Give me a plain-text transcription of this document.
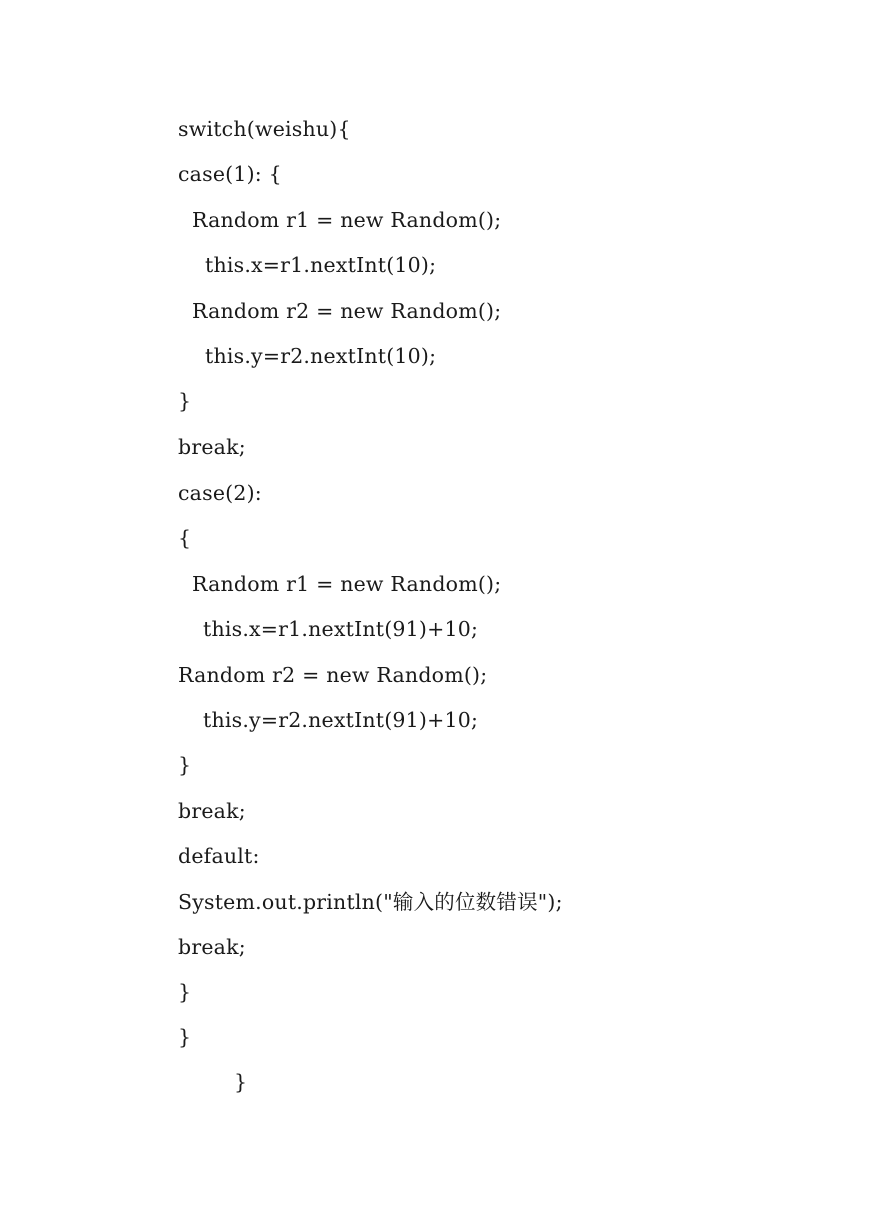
switch(weishu){
case(1): {
Random r1 = new Random();
this.x=r1.nextInt(10);
Random r2 = new Random();
this.y=r2.nextInt(10);
}
break;
case(2):
{
Random r1 = new Random();
this.x=r1.nextInt(91)+10;
Random r2 = new Random();
this.y=r2.nextInt(91)+10;
}
break;
default:
System.out.println("输入的位数错误");
break;
}
}
}
